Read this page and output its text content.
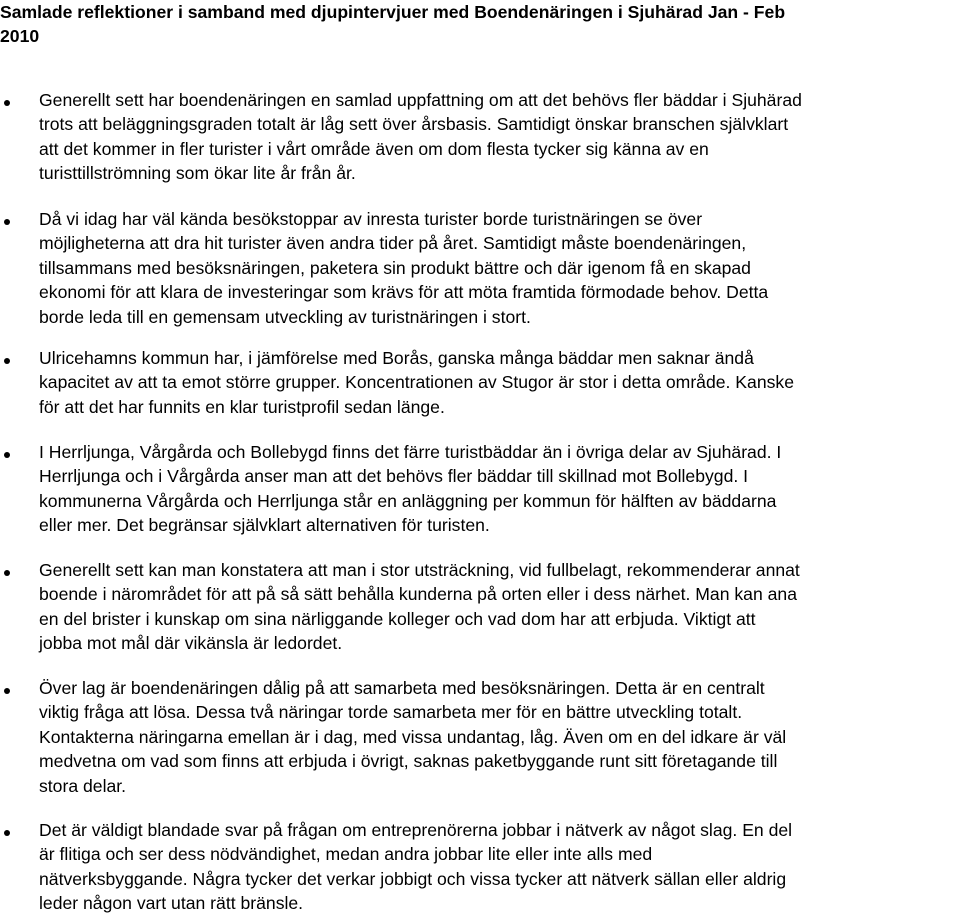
Samlade reflektioner i samband med djupintervjuer med Boendenäringen i Sjuhärad Jan - Feb
2010

Generellt sett har boendenäringen en samlad uppfattning om att det behövs fler bäddar i Sjuhärad
trots att beläggningsgraden totalt är låg sett över årsbasis. Samtidigt önskar branschen självklart
att det kommer in fler turister i vårt område även om dom flesta tycker sig känna av en
turisttillströmning som ökar lite år från år.

Då vi idag har väl kända besökstoppar av inresta turister borde turistnäringen se över
möjligheterna att dra hit turister även andra tider på året. Samtidigt måste boendenäringen,
tillsammans med besöksnäringen, paketera sin produkt bättre och där igenom få en skapad
ekonomi för att klara de investeringar som krävs för att möta framtida förmodade behov. Detta
borde leda till en gemensam utveckling av turistnäringen i stort.

Ulricehamns kommun har, i jämförelse med Borås, ganska många bäddar men saknar ändå
kapacitet av att ta emot större grupper. Koncentrationen av Stugor är stor i detta område. Kanske
för att det har funnits en klar turistprofil sedan länge.

I Herrljunga, Vårgårda och Bollebygd finns det färre turistbäddar än i övriga delar av Sjuhärad. I
Herrljunga och i Vårgårda anser man att det behövs fler bäddar till skillnad mot Bollebygd. I
kommunerna Vårgårda och Herrljunga står en anläggning per kommun för hälften av bäddarna
eller mer. Det begränsar självklart alternativen för turisten.

Generellt sett kan man konstatera att man i stor utsträckning, vid fullbelagt, rekommenderar annat
boende i närområdet för att på så sätt behålla kunderna på orten eller i dess närhet. Man kan ana
en del brister i kunskap om sina närliggande kolleger och vad dom har att erbjuda. Viktigt att
jobba mot mål där vikänsla är ledordet.

Över lag är boendenäringen dålig på att samarbeta med besöksnäringen. Detta är en centralt
viktig fråga att lösa. Dessa två näringar torde samarbeta mer för en bättre utveckling totalt.
Kontakterna näringarna emellan är i dag, med vissa undantag, låg. Även om en del idkare är väl
medvetna om vad som finns att erbjuda i övrigt, saknas paketbyggande runt sitt företagande till
stora delar.

Det är väldigt blandade svar på frågan om entreprenörerna jobbar i nätverk av något slag. En del
är flitiga och ser dess nödvändighet, medan andra jobbar lite eller inte alls med
nätverksbyggande. Några tycker det verkar jobbigt och vissa tycker att nätverk sällan eller aldrig
leder någon vart utan rätt bränsle.
